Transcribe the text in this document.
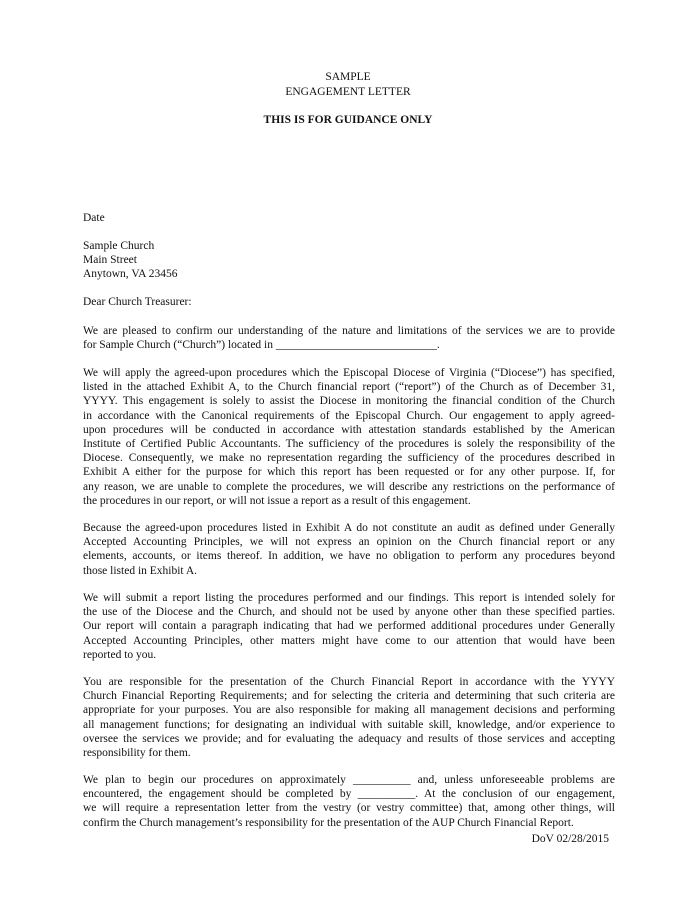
SAMPLE
ENGAGEMENT LETTER
THIS IS FOR GUIDANCE ONLY
Date
Sample Church
Main Street
Anytown, VA 23456
Dear Church Treasurer:
We are pleased to confirm our understanding of the nature and limitations of the services we are to provide
for Sample Church (“Church”) located in ____________________________.
We will apply the agreed-upon procedures which the Episcopal Diocese of Virginia (“Diocese”) has specified,
listed in the attached Exhibit A, to the Church financial report (“report”) of the Church as of December 31,
YYYY. This engagement is solely to assist the Diocese in monitoring the financial condition of the Church
in accordance with the Canonical requirements of the Episcopal Church. Our engagement to apply agreed-
upon procedures will be conducted in accordance with attestation standards established by the American
Institute of Certified Public Accountants. The sufficiency of the procedures is solely the responsibility of the
Diocese. Consequently, we make no representation regarding the sufficiency of the procedures described in
Exhibit A either for the purpose for which this report has been requested or for any other purpose. If, for
any reason, we are unable to complete the procedures, we will describe any restrictions on the performance of
the procedures in our report, or will not issue a report as a result of this engagement.
Because the agreed-upon procedures listed in Exhibit A do not constitute an audit as defined under Generally
Accepted Accounting Principles, we will not express an opinion on the Church financial report or any
elements, accounts, or items thereof. In addition, we have no obligation to perform any procedures beyond
those listed in Exhibit A.
We will submit a report listing the procedures performed and our findings. This report is intended solely for
the use of the Diocese and the Church, and should not be used by anyone other than these specified parties.
Our report will contain a paragraph indicating that had we performed additional procedures under Generally
Accepted Accounting Principles, other matters might have come to our attention that would have been
reported to you.
You are responsible for the presentation of the Church Financial Report in accordance with the YYYY
Church Financial Reporting Requirements; and for selecting the criteria and determining that such criteria are
appropriate for your purposes. You are also responsible for making all management decisions and performing
all management functions; for designating an individual with suitable skill, knowledge, and/or experience to
oversee the services we provide; and for evaluating the adequacy and results of those services and accepting
responsibility for them.
We plan to begin our procedures on approximately __________ and, unless unforeseeable problems are
encountered, the engagement should be completed by __________. At the conclusion of our engagement,
we will require a representation letter from the vestry (or vestry committee) that, among other things, will
confirm the Church management’s responsibility for the presentation of the AUP Church Financial Report.
DoV 02/28/2015
